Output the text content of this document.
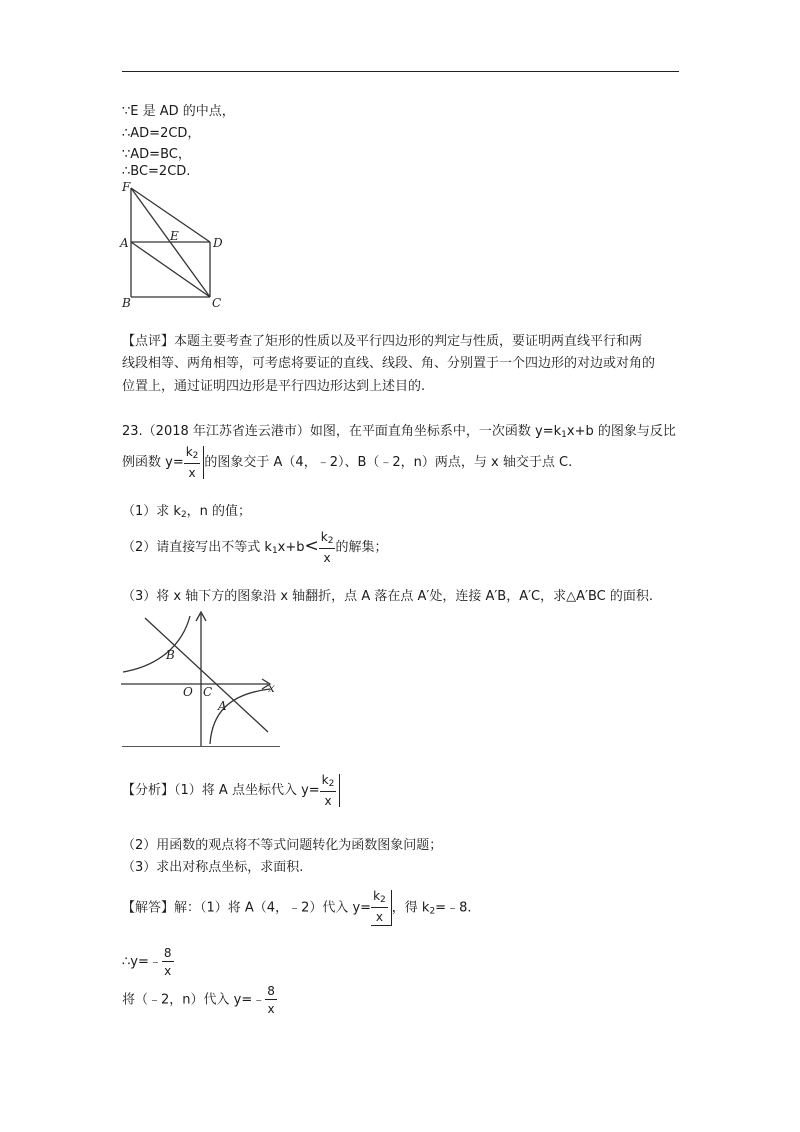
∵E 是 AD 的中点，
∴AD=2CD，
∵AD=BC，
∴BC=2CD.
F
A	E	D
B	C
【点评】本题主要考查了矩形的性质以及平行四边形的判定与性质，要证明两直线平行和两
线段相等、两角相等，可考虑将要证的直线、线段、角、分别置于一个四边形的对边或对角的
位置上，通过证明四边形是平行四边形达到上述目的.
23.（2018 年江苏省连云港市）如图，在平面直角坐标系中，一次函数 $y=k_1x+b$ 的图象与反比
例函数 $y= \frac{k_2}{x}$ 的图象交于 A（4，﹣2）、B（﹣2，n）两点，与 x 轴交于点 C.
（1）求 $k_2$，n 的值；
（2）请直接写出不等式 $k_1x+b< \frac{k_2}{x}$ 的解集；
（3）将 x 轴下方的图象沿 x 轴翻折，点 A 落在点 A′处，连接 A′B，A′C，求△A′BC 的面积.
B
O C	x
A
【分析】（1）将 A 点坐标代入 $y= \frac{k_2}{x}$
（2）用函数的观点将不等式问题转化为函数图象问题；
（3）求出对称点坐标，求面积.
【解答】解：（1）将 A（4，﹣2）代入 $y= \frac{k_2}{x}$ ，得 $k_2=﹣8$.
∴y=﹣ $\frac{8}{x}$
将（﹣2，n）代入 y=﹣ $\frac{8}{x}$
